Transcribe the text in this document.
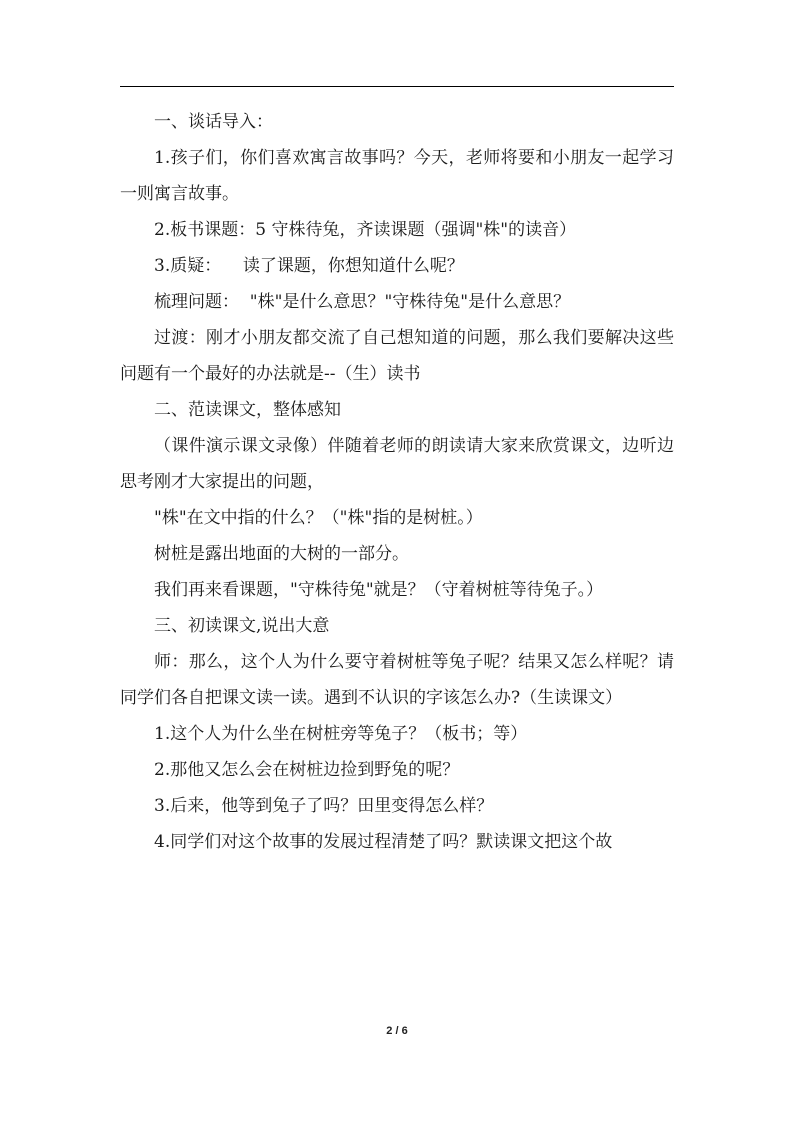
一、谈话导入：

1.孩子们，你们喜欢寓言故事吗？今天，老师将要和小朋友一起学习一则寓言故事。

2.板书课题：5 守株待兔，齐读课题（强调"株"的读音）

3.质疑：    读了课题，你想知道什么呢？

梳理问题：  "株"是什么意思？"守株待兔"是什么意思？

过渡：刚才小朋友都交流了自己想知道的问题，那么我们要解决这些问题有一个最好的办法就是--（生）读书

二、范读课文，整体感知

（课件演示课文录像）伴随着老师的朗读请大家来欣赏课文，边听边思考刚才大家提出的问题，

"株"在文中指的什么？（"株"指的是树桩。）

树桩是露出地面的大树的一部分。

我们再来看课题，"守株待兔"就是？（守着树桩等待兔子。）

三、初读课文,说出大意

师：那么，这个人为什么要守着树桩等兔子呢？结果又怎么样呢？请同学们各自把课文读一读。遇到不认识的字该怎么办?（生读课文）

1.这个人为什么坐在树桩旁等兔子？（板书；等）

2.那他又怎么会在树桩边捡到野兔的呢？

3.后来，他等到兔子了吗？田里变得怎么样？

4.同学们对这个故事的发展过程清楚了吗？默读课文把这个故

2 / 6
